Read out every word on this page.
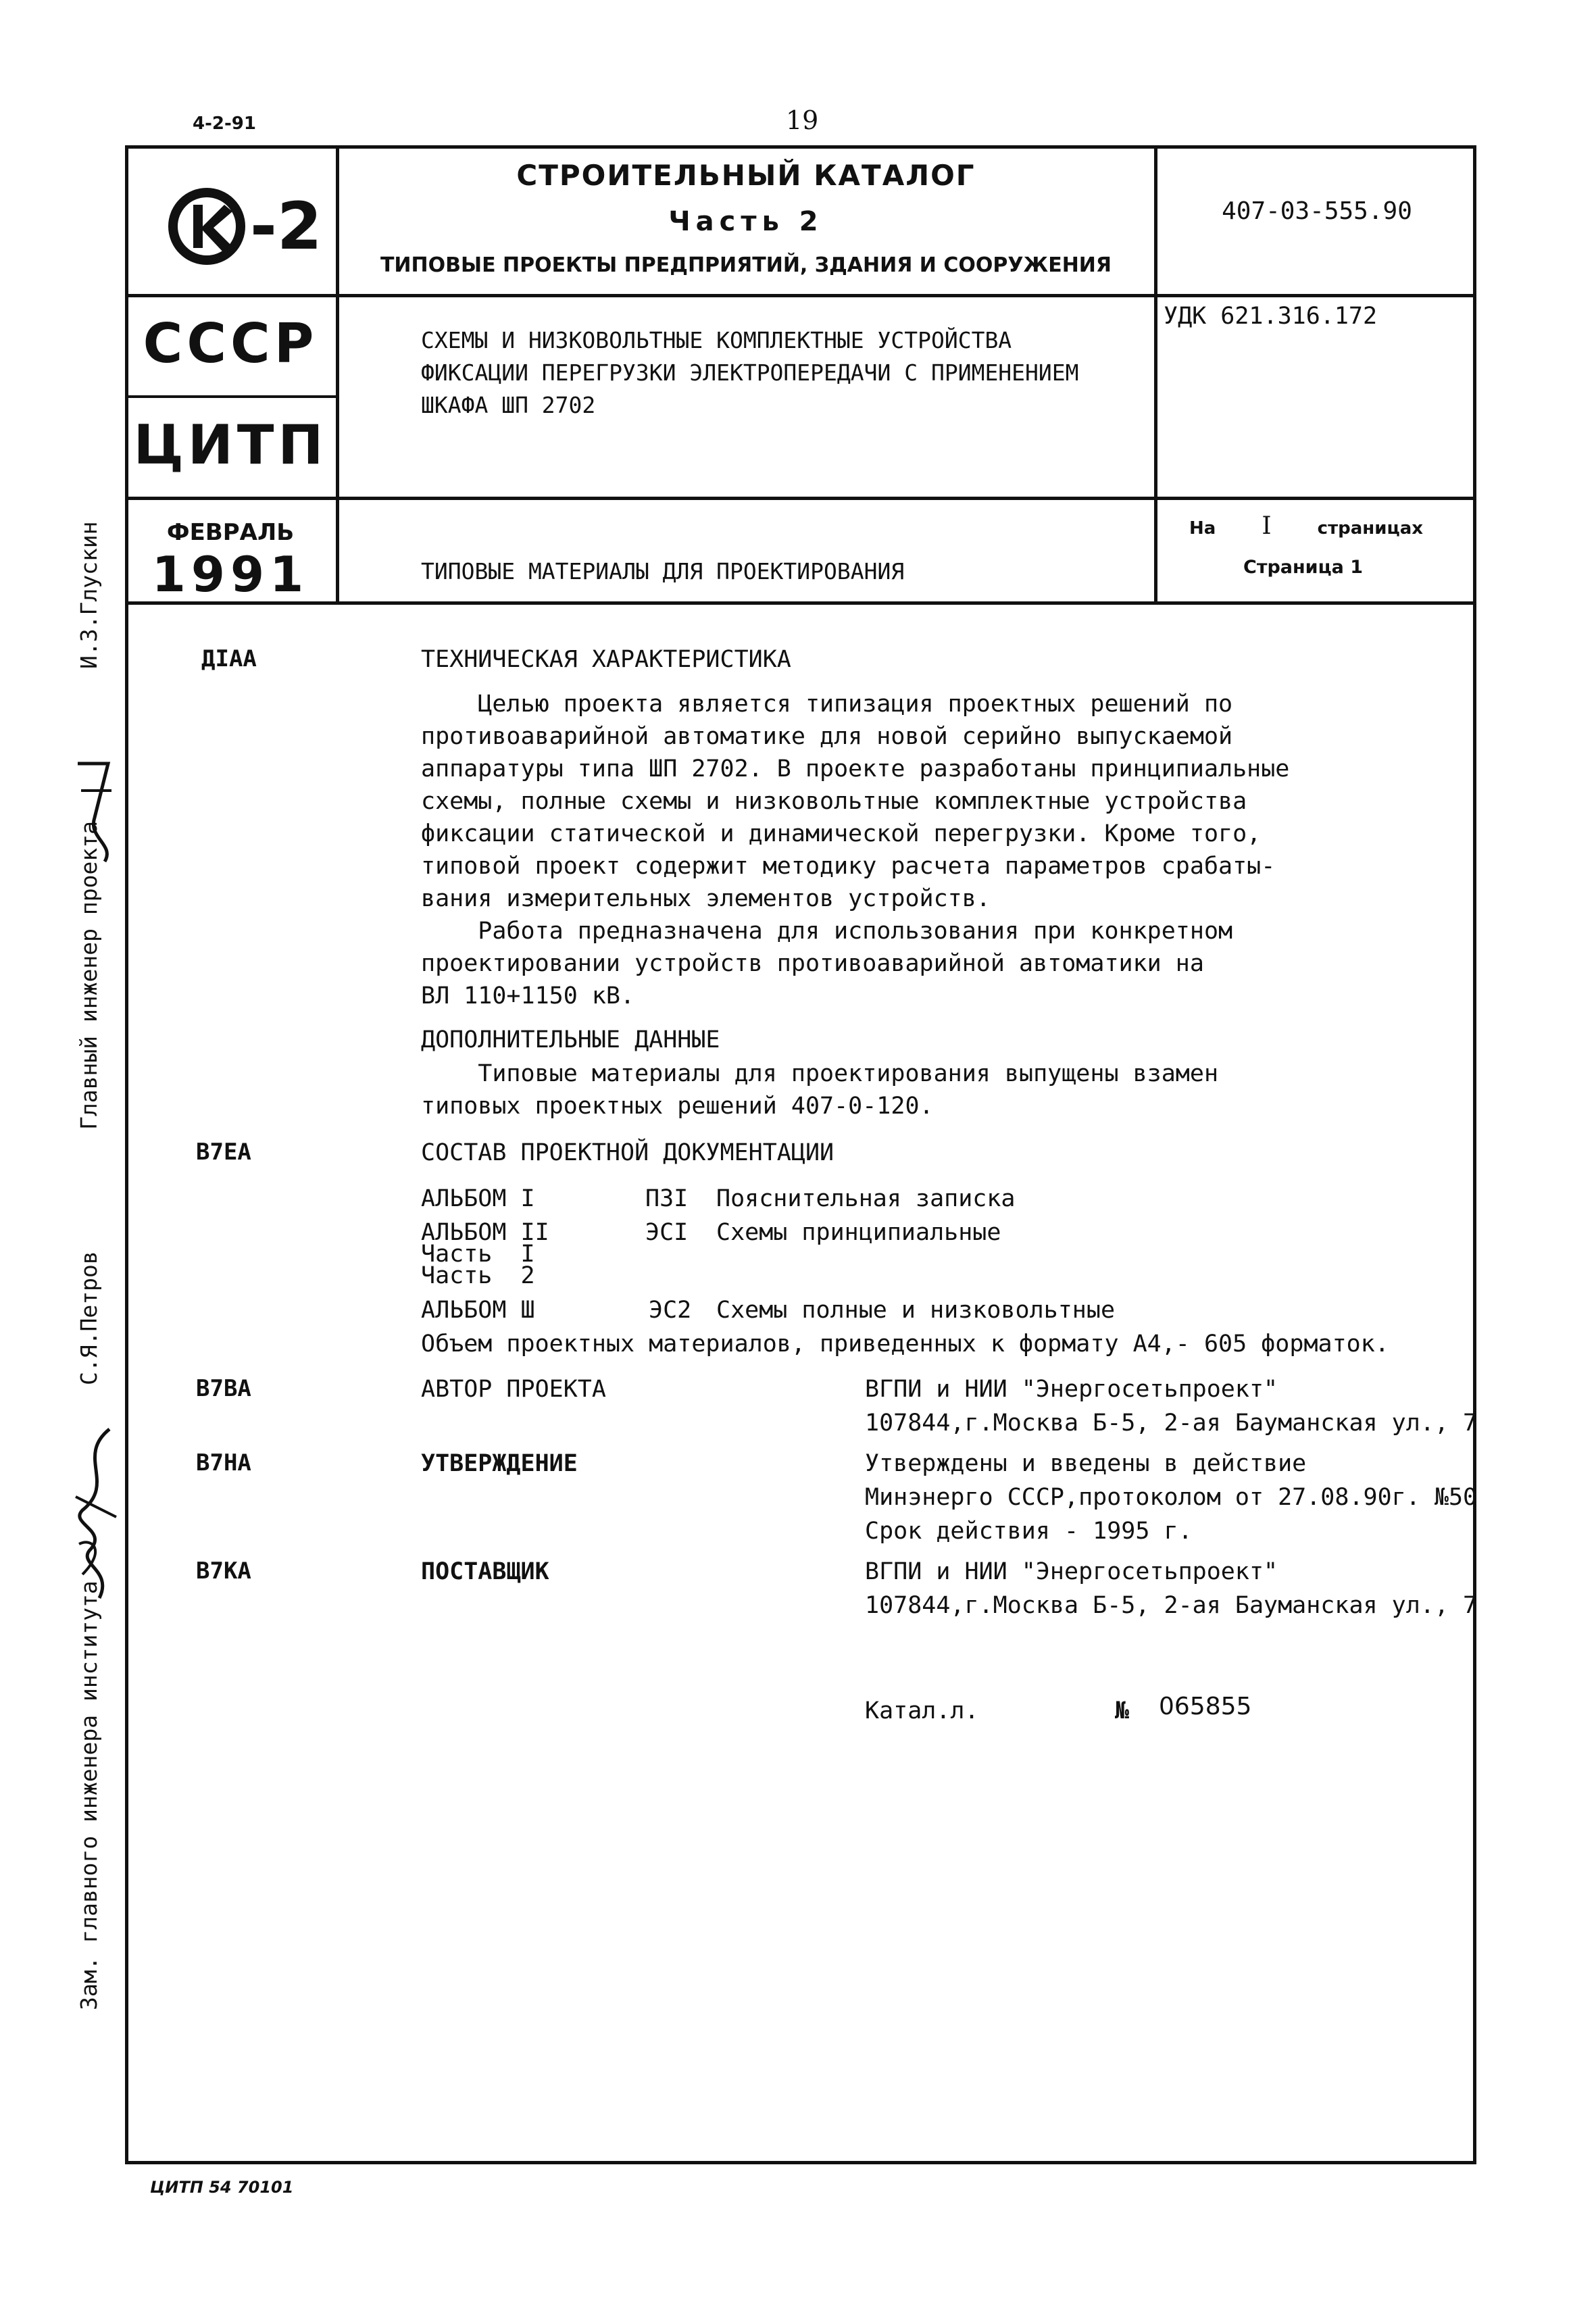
4-2-91	19
-2
СТРОИТЕЛЬНЫЙ КАТАЛОГ
Часть 2
ТИПОВЫЕ ПРОЕКТЫ ПРЕДПРИЯТИЙ, ЗДАНИЯ И СООРУЖЕНИЯ
407-03-555.90
СССР
ЦИТП
СХЕМЫ И НИЗКОВОЛЬТНЫЕ КОМПЛЕКТНЫЕ УСТРОЙСТВА
ФИКСАЦИИ ПЕРЕГРУЗКИ ЭЛЕКТРОПЕРЕДАЧИ С ПРИМЕНЕНИЕМ
ШКАФА ШП 2702
УДК 621.316.172
ФЕВРАЛЬ
1991	ТИПОВЫЕ МАТЕРИАЛЫ ДЛЯ ПРОЕКТИРОВАНИЯ
На I	страницах
Страница 1
ДІАА	ТЕХНИЧЕСКАЯ ХАРАКТЕРИСТИКА

Целью проекта является типизация проектных решений по

противоаварийной автоматике для новой серийно выпускаемой

аппаратуры типа ШП 2702. В проекте разработаны принципиальные

схемы, полные схемы и низковольтные комплектные устройства

фиксации статической и динамической перегрузки. Кроме того,

типовой проект содержит методику расчета параметров срабаты-

вания измерительных элементов устройств.

Работа предназначена для использования при конкретном

проектировании устройств противоаварийной автоматики на

ВЛ 110+1150 кВ.

ДОПОЛНИТЕЛЬНЫЕ ДАННЫЕ

Типовые материалы для проектирования выпущены взамен

типовых проектных решений 407-0-120.

В7ЕА	СОСТАВ ПРОЕКТНОЙ ДОКУМЕНТАЦИИ
АЛЬБОМ I	ПЗІ Пояснительная записка
АЛЬБОМ II	ЭСІ Схемы принципиальные
Часть  I
Часть  2
АЛЬБОМ Ш	ЭС2 Схемы полные и низковольтные
Объем проектных материалов, приведенных к формату А4,- 605 форматок.
В7ВА	АВТОР ПРОЕКТА	ВГПИ и НИИ "Энергосетьпроект"
107844,г.Москва Б-5, 2-ая Бауманская ул., 7
В7НА	УТВЕРЖДЕНИЕ	Утверждены и введены в действие
Минэнерго СССР,протоколом от 27.08.90г. №50
Срок действия - 1995 г.
В7КА	ПОСТАВЩИК	ВГПИ и НИИ "Энергосетьпроект"
107844,г.Москва Б-5, 2-ая Бауманская ул., 7
Катал.л.	№ 065855
Зам. главного инженера института
С.Я.Петров
Главный инженер проекта
И.З.Глускин
ЦИТП 54 70101
